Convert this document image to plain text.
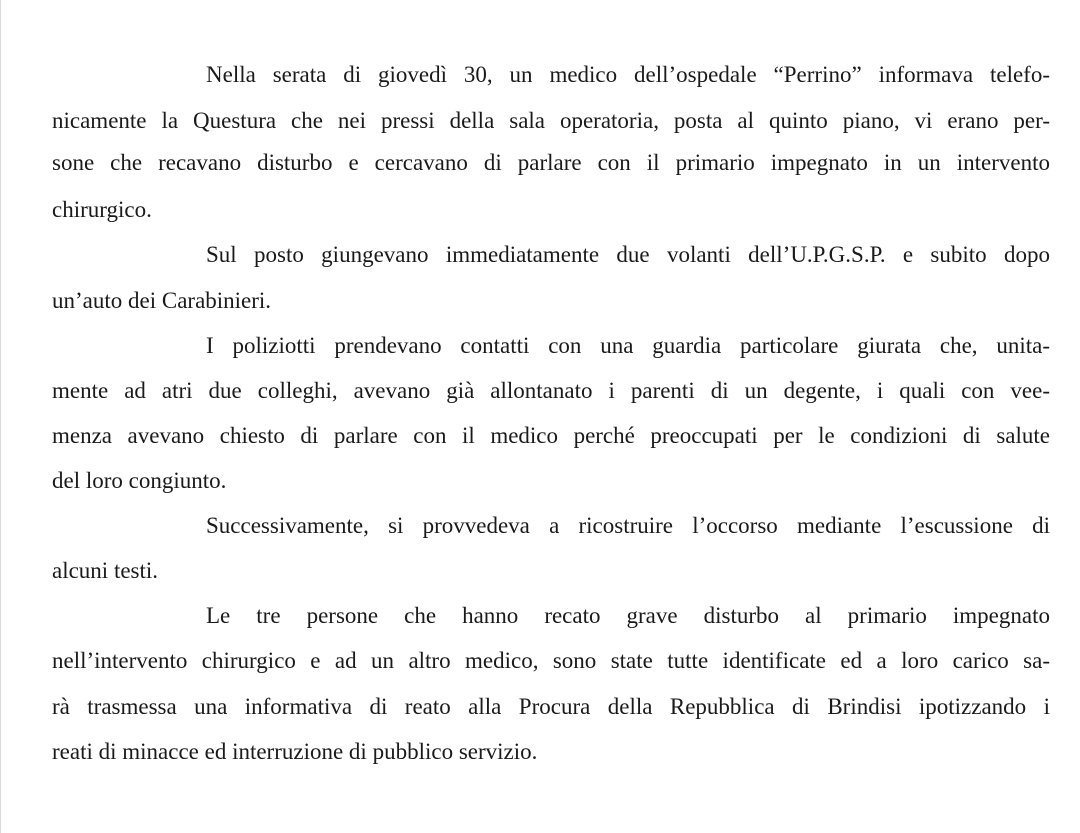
Nella serata di giovedì 30, un medico dell’ospedale “Perrino” informava telefo-
nicamente la Questura che nei pressi della sala operatoria, posta al quinto piano, vi erano per-
sone che recavano disturbo e cercavano di parlare con il primario impegnato in un intervento
chirurgico.
Sul posto giungevano immediatamente due volanti dell’U.P.G.S.P. e subito dopo
un’auto dei Carabinieri.
I poliziotti prendevano contatti con una guardia particolare giurata che, unita-
mente ad atri due colleghi, avevano già allontanato i parenti di un degente, i quali con vee-
menza avevano chiesto di parlare con il medico perché preoccupati per le condizioni di salute
del loro congiunto.
Successivamente, si provvedeva a ricostruire l’occorso mediante l’escussione di
alcuni testi.
Le tre persone che hanno recato grave disturbo al primario impegnato
nell’intervento chirurgico e ad un altro medico, sono state tutte identificate ed a loro carico sa-
rà trasmessa una informativa di reato alla Procura della Repubblica di Brindisi ipotizzando i
reati di minacce ed interruzione di pubblico servizio.
